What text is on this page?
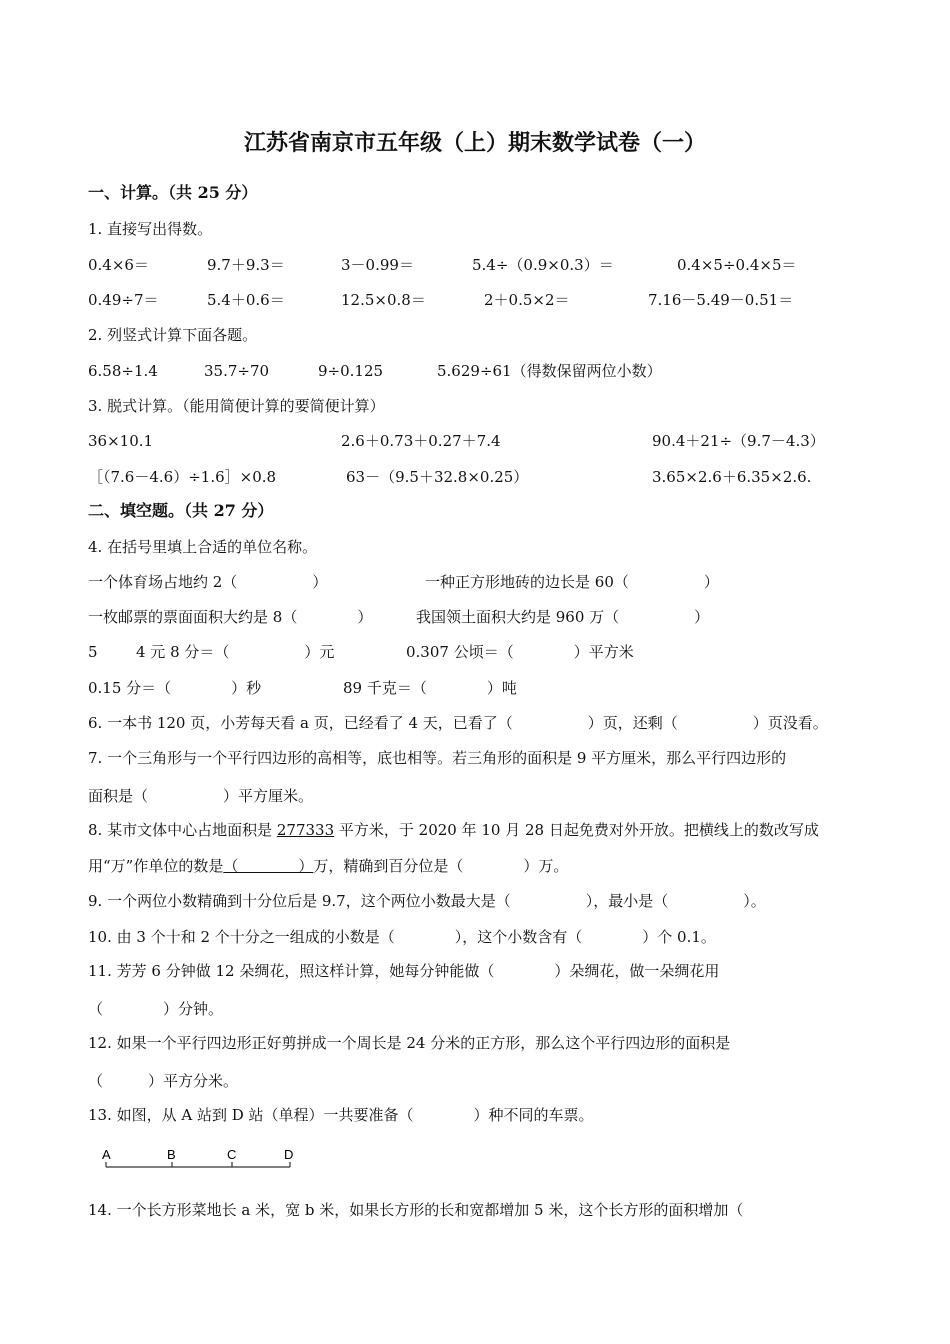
江苏省南京市五年级（上）期末数学试卷（一）
一、计算。（共 25 分）
1. 直接写出得数。
0.4×6＝	9.7＋9.3＝	3－0.99＝	5.4÷（0.9×0.3）＝	0.4×5÷0.4×5＝
0.49÷7＝	5.4＋0.6＝	12.5×0.8＝	2＋0.5×2＝	7.16－5.49－0.51＝
2. 列竖式计算下面各题。
6.58÷1.4	35.7÷70	9÷0.125	5.629÷61（得数保留两位小数）
3. 脱式计算。（能用简便计算的要简便计算）
36×10.1	2.6＋0.73＋0.27＋7.4	90.4＋21÷（9.7－4.3）
［（7.6－4.6）÷1.6］×0.8	63－（9.5＋32.8×0.25）	3.65×2.6＋6.35×2.6.
二、填空题。（共 27 分）
4. 在括号里填上合适的单位名称。
一个体育场占地约 2（　　　　　）	一种正方形地砖的边长是 60（　　　　　）
一枚邮票的票面面积大约是 8（　　　　）	我国领土面积大约是 960 万（　　　　　）
5	4 元 8 分＝（　　　　　）元	0.307 公顷＝（　　　　）平方米
0.15 分＝（　　　　）秒	89 千克＝（　　　　）吨
6. 一本书 120 页，小芳每天看 a 页，已经看了 4 天，已看了（　　　　　）页，还剩（　　　　　）页没看。
7. 一个三角形与一个平行四边形的高相等，底也相等。若三角形的面积是 9 平方厘米，那么平行四边形的
面积是（　　　　　）平方厘米。
8. 某市文体中心占地面积是 277333 平方米，于 2020 年 10 月 28 日起免费对外开放。把横线上的数改写成
用“万”作单位的数是（　　　　）万，精确到百分位是（　　　　）万。
9. 一个两位小数精确到十分位后是 9.7，这个两位小数最大是（　　　　　），最小是（　　　　　）。
10. 由 3 个十和 2 个十分之一组成的小数是（　　　　），这个小数含有（　　　　）个 0.1。
11. 芳芳 6 分钟做 12 朵绸花，照这样计算，她每分钟能做（　　　　）朵绸花，做一朵绸花用
（　　　　）分钟。
12. 如果一个平行四边形正好剪拼成一个周长是 24 分米的正方形，那么这个平行四边形的面积是
（　　　）平方分米。
13. 如图，从 A 站到 D 站（单程）一共要准备（　　　　）种不同的车票。
A	B	C	D
14. 一个长方形菜地长 a 米，宽 b 米，如果长方形的长和宽都增加 5 米，这个长方形的面积增加（
